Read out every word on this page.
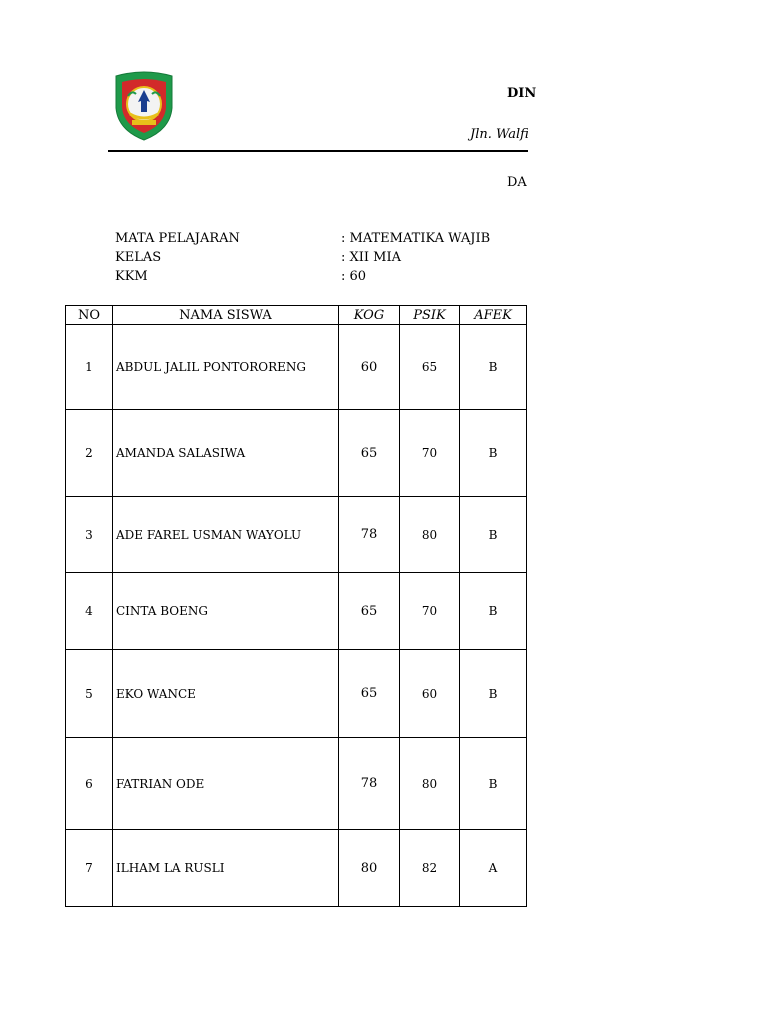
DIN
Jln. Walfi
DA
MATA PELAJARAN	: MATEMATIKA WAJIB
KELAS	: XII MIA
KKM	: 60
NO	NAMA SISWA	KOG	PSIK	AFEK
1	ABDUL JALIL PONTORORENG	60	65	B
2	AMANDA SALASIWA	65	70	B
3	ADE FAREL USMAN WAYOLU	78	80	B
4	CINTA BOENG	65	70	B
5	EKO WANCE	65	60	B
6	FATRIAN ODE	78	80	B
7	ILHAM LA RUSLI	80	82	A
